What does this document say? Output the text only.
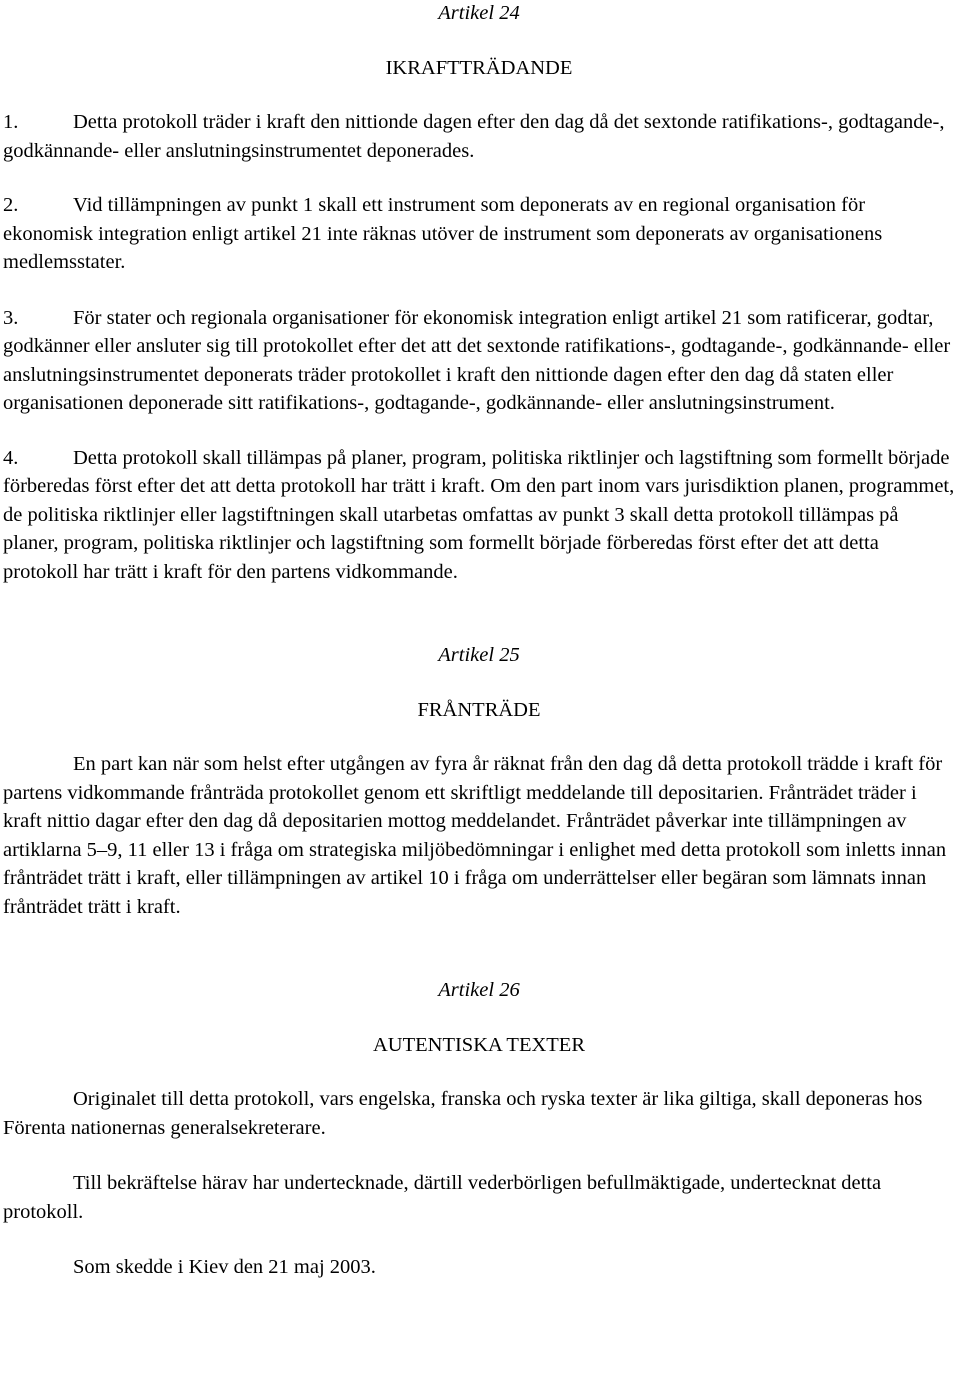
Artikel 24

IKRAFTTRÄDANDE

1.	Detta protokoll träder i kraft den nittionde dagen efter den dag då det sextonde ratifikations-, godtagande-, godkännande- eller anslutningsinstrumentet deponerades.

2.	Vid tillämpningen av punkt 1 skall ett instrument som deponerats av en regional organisation för ekonomisk integration enligt artikel 21 inte räknas utöver de instrument som deponerats av organisationens medlemsstater.

3.	För stater och regionala organisationer för ekonomisk integration enligt artikel 21 som ratificerar, godtar, godkänner eller ansluter sig till protokollet efter det att det sextonde ratifikations-, godtagande-, godkännande- eller anslutningsinstrumentet deponerats träder protokollet i kraft den nittionde dagen efter den dag då staten eller organisationen deponerade sitt ratifikations-, godtagande-, godkännande- eller anslutningsinstrument.

4.	Detta protokoll skall tillämpas på planer, program, politiska riktlinjer och lagstiftning som formellt började förberedas först efter det att detta protokoll har trätt i kraft. Om den part inom vars jurisdiktion planen, programmet, de politiska riktlinjer eller lagstiftningen skall utarbetas omfattas av punkt 3 skall detta protokoll tillämpas på planer, program, politiska riktlinjer och lagstiftning som formellt började förberedas först efter det att detta protokoll har trätt i kraft för den partens vidkommande.

Artikel 25

FRÅNTRÄDE

En part kan när som helst efter utgången av fyra år räknat från den dag då detta protokoll trädde i kraft för partens vidkommande frånträda protokollet genom ett skriftligt meddelande till depositarien. Frånträdet träder i kraft nittio dagar efter den dag då depositarien mottog meddelandet. Frånträdet påverkar inte tillämpningen av artiklarna 5–9, 11 eller 13 i fråga om strategiska miljöbedömningar i enlighet med detta protokoll som inletts innan frånträdet trätt i kraft, eller tillämpningen av artikel 10 i fråga om underrättelser eller begäran som lämnats innan frånträdet trätt i kraft.

Artikel 26

AUTENTISKA TEXTER

Originalet till detta protokoll, vars engelska, franska och ryska texter är lika giltiga, skall deponeras hos Förenta nationernas generalsekreterare.

Till bekräftelse härav har undertecknade, därtill vederbörligen befullmäktigade, undertecknat detta protokoll.

Som skedde i Kiev den 21 maj 2003.
